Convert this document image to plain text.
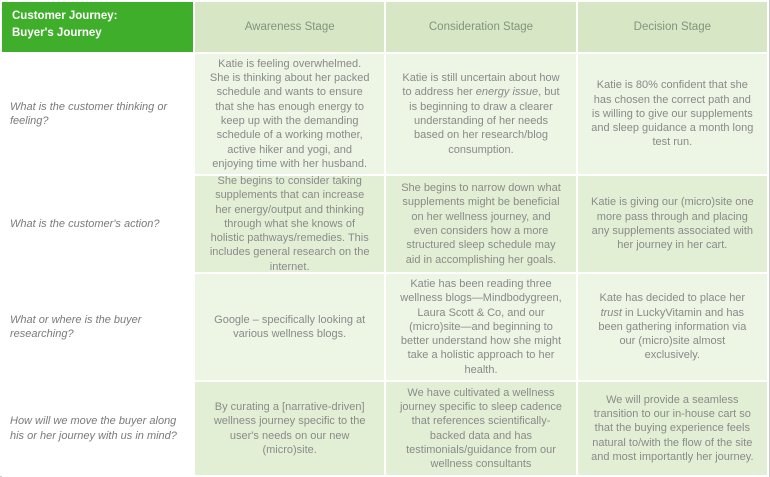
Customer Journey:
Buyer's Journey
Awareness Stage	Consideration Stage	Decision Stage
What is the customer thinking or feeling?
Katie is feeling overwhelmed. She is thinking about her packed schedule and wants to ensure that she has enough energy to keep up with the demanding schedule of a working mother, active hiker and yogi, and enjoying time with her husband.
Katie is still uncertain about how to address her energy issue, but is beginning to draw a clearer understanding of her needs based on her research/blog consumption.
Katie is 80% confident that she has chosen the correct path and is willing to give our supplements and sleep guidance a month long test run.
What is the customer's action?
She begins to consider taking supplements that can increase her energy/output and thinking through what she knows of holistic pathways/remedies. This includes general research on the internet.
She begins to narrow down what supplements might be beneficial on her wellness journey, and even considers how a more structured sleep schedule may aid in accomplishing her goals.
Katie is giving our (micro)site one more pass through and placing any supplements associated with her journey in her cart.
What or where is the buyer researching?
Google – specifically looking at various wellness blogs.
Katie has been reading three wellness blogs—Mindbodygreen, Laura Scott & Co, and our (micro)site—and beginning to better understand how she might take a holistic approach to her health.
Kate has decided to place her trust in LuckyVitamin and has been gathering information via our (micro)site almost exclusively.
How will we move the buyer along his or her journey with us in mind?
By curating a [narrative-driven] wellness journey specific to the user's needs on our new (micro)site.
We have cultivated a wellness journey specific to sleep cadence that references scientifically-backed data and has testimonials/guidance from our wellness consultants
We will provide a seamless transition to our in-house cart so that the buying experience feels natural to/with the flow of the site and most importantly her journey.
